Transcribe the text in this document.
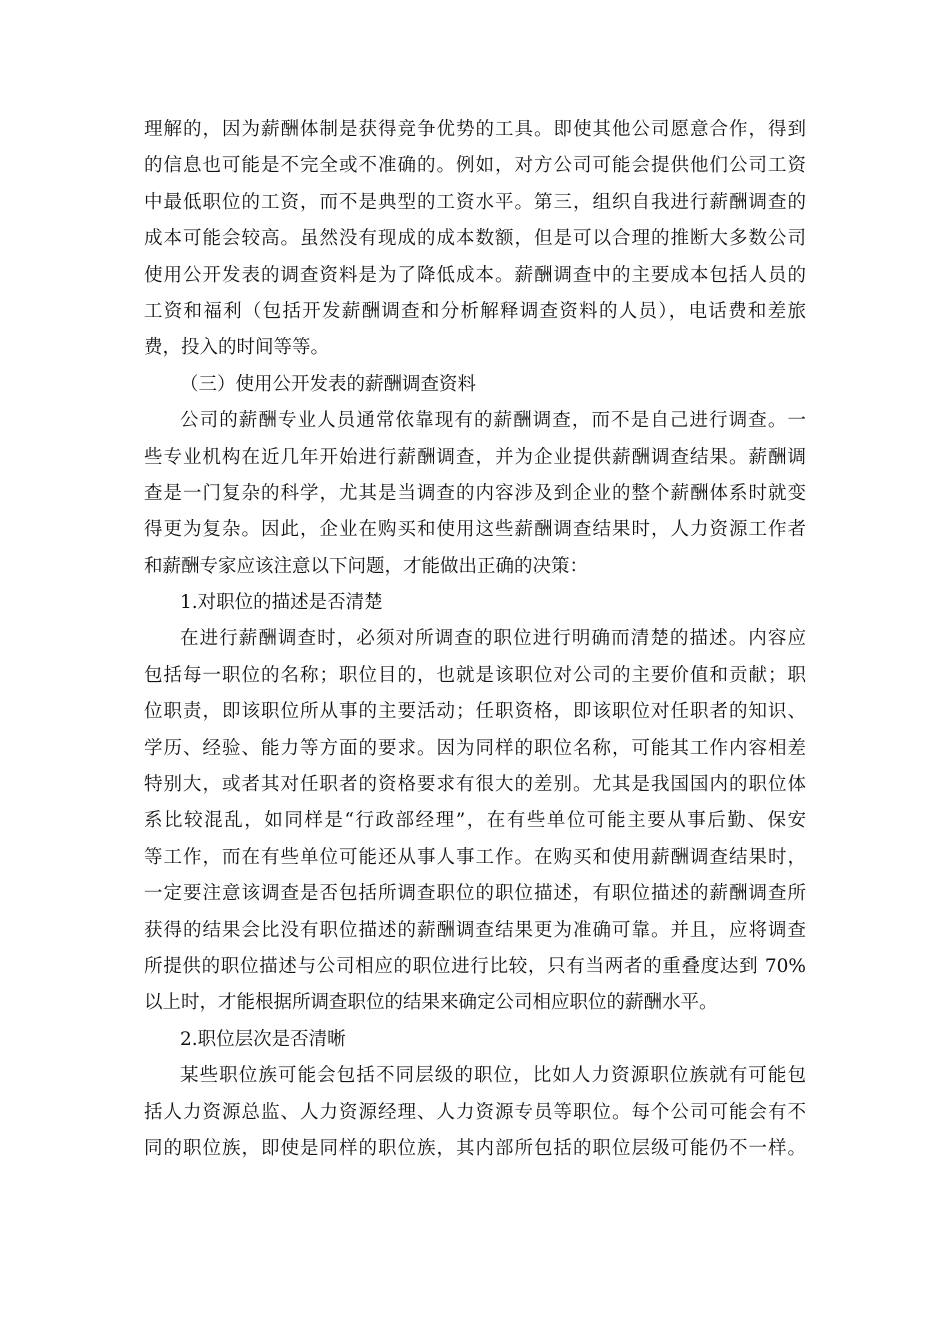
理解的，因为薪酬体制是获得竞争优势的工具。即使其他公司愿意合作，得到
的信息也可能是不完全或不准确的。例如，对方公司可能会提供他们公司工资
中最低职位的工资，而不是典型的工资水平。第三，组织自我进行薪酬调查的
成本可能会较高。虽然没有现成的成本数额，但是可以合理的推断大多数公司
使用公开发表的调查资料是为了降低成本。薪酬调查中的主要成本包括人员的
工资和福利（包括开发薪酬调查和分析解释调查资料的人员），电话费和差旅
费，投入的时间等等。
（三）使用公开发表的薪酬调查资料
公司的薪酬专业人员通常依靠现有的薪酬调查，而不是自己进行调查。一
些专业机构在近几年开始进行薪酬调查，并为企业提供薪酬调查结果。薪酬调
查是一门复杂的科学，尤其是当调查的内容涉及到企业的整个薪酬体系时就变
得更为复杂。因此，企业在购买和使用这些薪酬调查结果时，人力资源工作者
和薪酬专家应该注意以下问题，才能做出正确的决策：
1.对职位的描述是否清楚
在进行薪酬调查时，必须对所调查的职位进行明确而清楚的描述。内容应
包括每一职位的名称；职位目的，也就是该职位对公司的主要价值和贡献；职
位职责，即该职位所从事的主要活动；任职资格，即该职位对任职者的知识、
学历、经验、能力等方面的要求。因为同样的职位名称，可能其工作内容相差
特别大，或者其对任职者的资格要求有很大的差别。尤其是我国国内的职位体
系比较混乱，如同样是“行政部经理”，在有些单位可能主要从事后勤、保安
等工作，而在有些单位可能还从事人事工作。在购买和使用薪酬调查结果时，
一定要注意该调查是否包括所调查职位的职位描述，有职位描述的薪酬调查所
获得的结果会比没有职位描述的薪酬调查结果更为准确可靠。并且，应将调查
所提供的职位描述与公司相应的职位进行比较，只有当两者的重叠度达到 70%
以上时，才能根据所调查职位的结果来确定公司相应职位的薪酬水平。
2.职位层次是否清晰
某些职位族可能会包括不同层级的职位，比如人力资源职位族就有可能包
括人力资源总监、人力资源经理、人力资源专员等职位。每个公司可能会有不
同的职位族，即使是同样的职位族，其内部所包括的职位层级可能仍不一样。
